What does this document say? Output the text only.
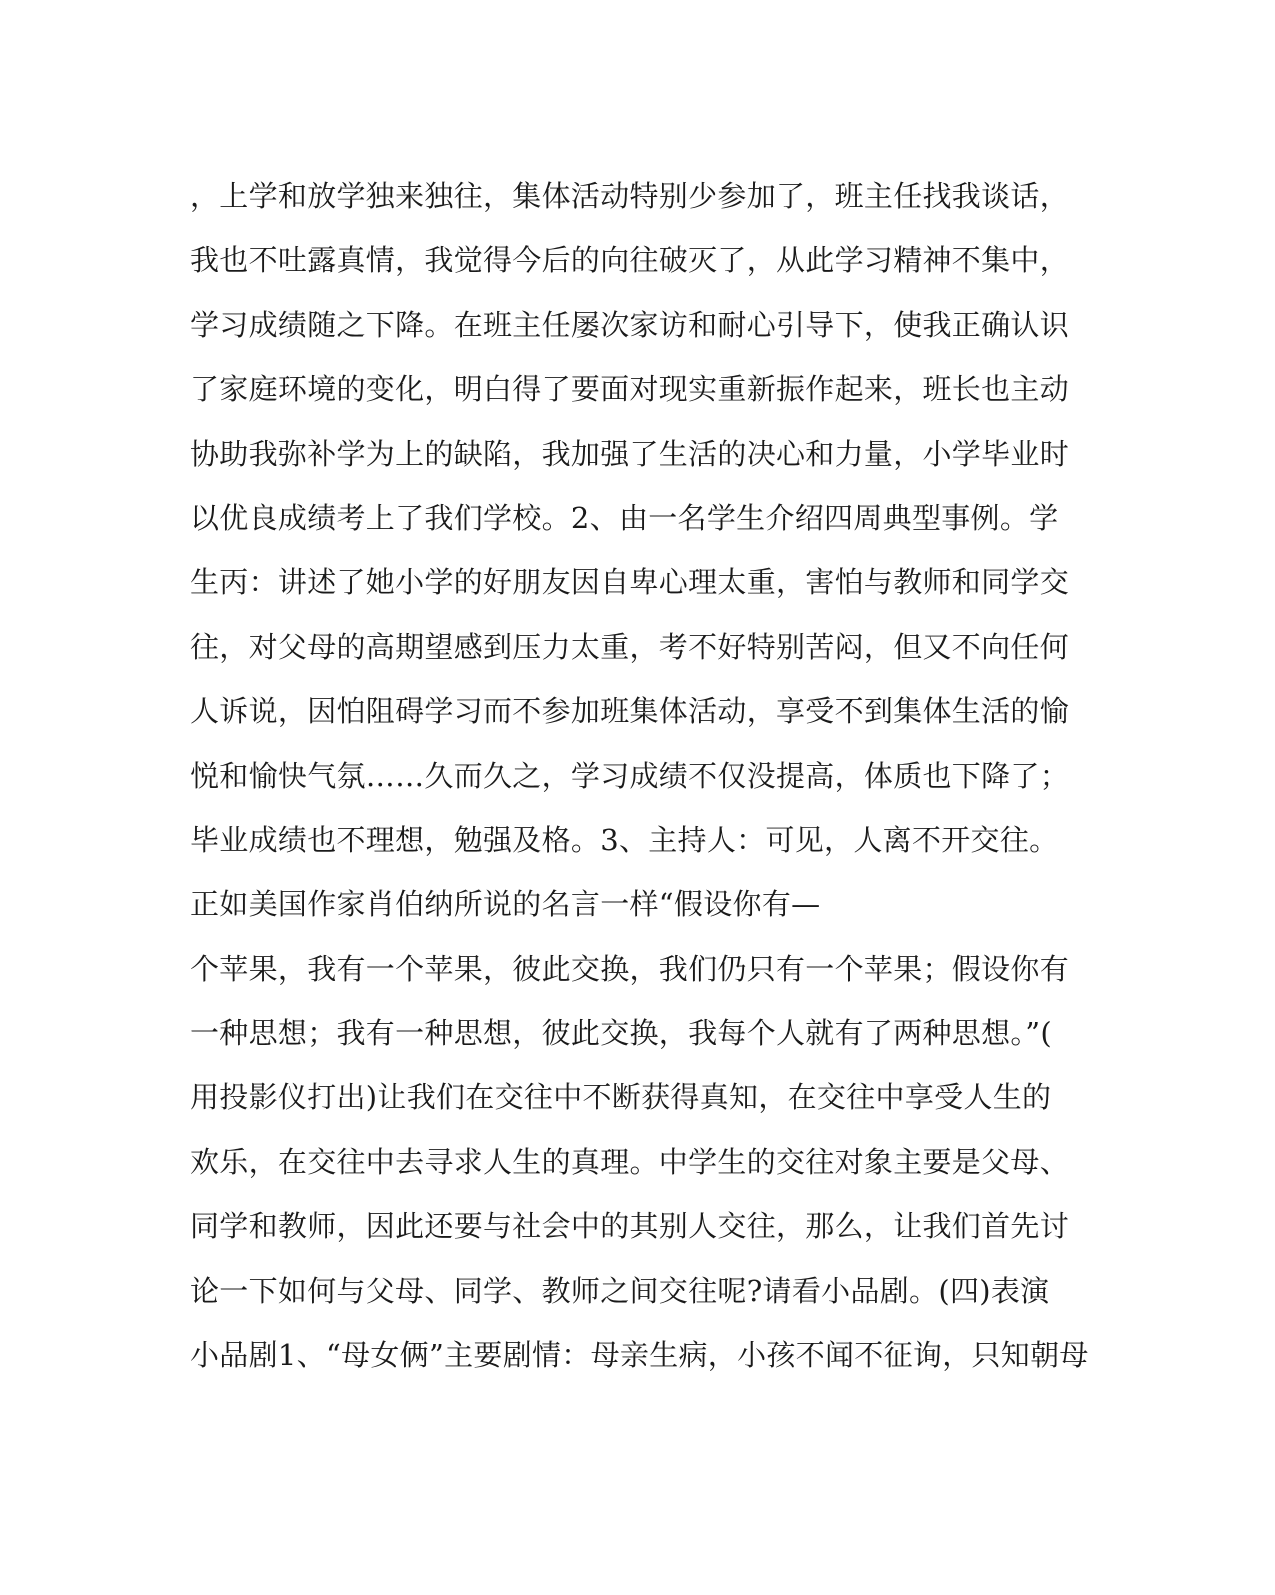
，上学和放学独来独往，集体活动特别少参加了，班主任找我谈话，
我也不吐露真情，我觉得今后的向往破灭了，从此学习精神不集中，
学习成绩随之下降。在班主任屡次家访和耐心引导下，使我正确认识
了家庭环境的变化，明白得了要面对现实重新振作起来，班长也主动
协助我弥补学为上的缺陷，我加强了生活的决心和力量，小学毕业时
以优良成绩考上了我们学校。2、由一名学生介绍四周典型事例。学
生丙：讲述了她小学的好朋友因自卑心理太重，害怕与教师和同学交
往，对父母的高期望感到压力太重，考不好特别苦闷，但又不向任何
人诉说，因怕阻碍学习而不参加班集体活动，享受不到集体生活的愉
悦和愉快气氛……久而久之，学习成绩不仅没提高，体质也下降了；
毕业成绩也不理想，勉强及格。3、主持人：可见，人离不开交往。
正如美国作家肖伯纳所说的名言一样“假设你有—
个苹果，我有一个苹果，彼此交换，我们仍只有一个苹果；假设你有
一种思想；我有一种思想，彼此交换，我每个人就有了两种思想。”(
用投影仪打出)让我们在交往中不断获得真知，在交往中享受人生的
欢乐，在交往中去寻求人生的真理。中学生的交往对象主要是父母、
同学和教师，因此还要与社会中的其别人交往，那么，让我们首先讨
论一下如何与父母、同学、教师之间交往呢?请看小品剧。(四)表演
小品剧1、“母女俩”主要剧情：母亲生病，小孩不闻不征询，只知朝母
